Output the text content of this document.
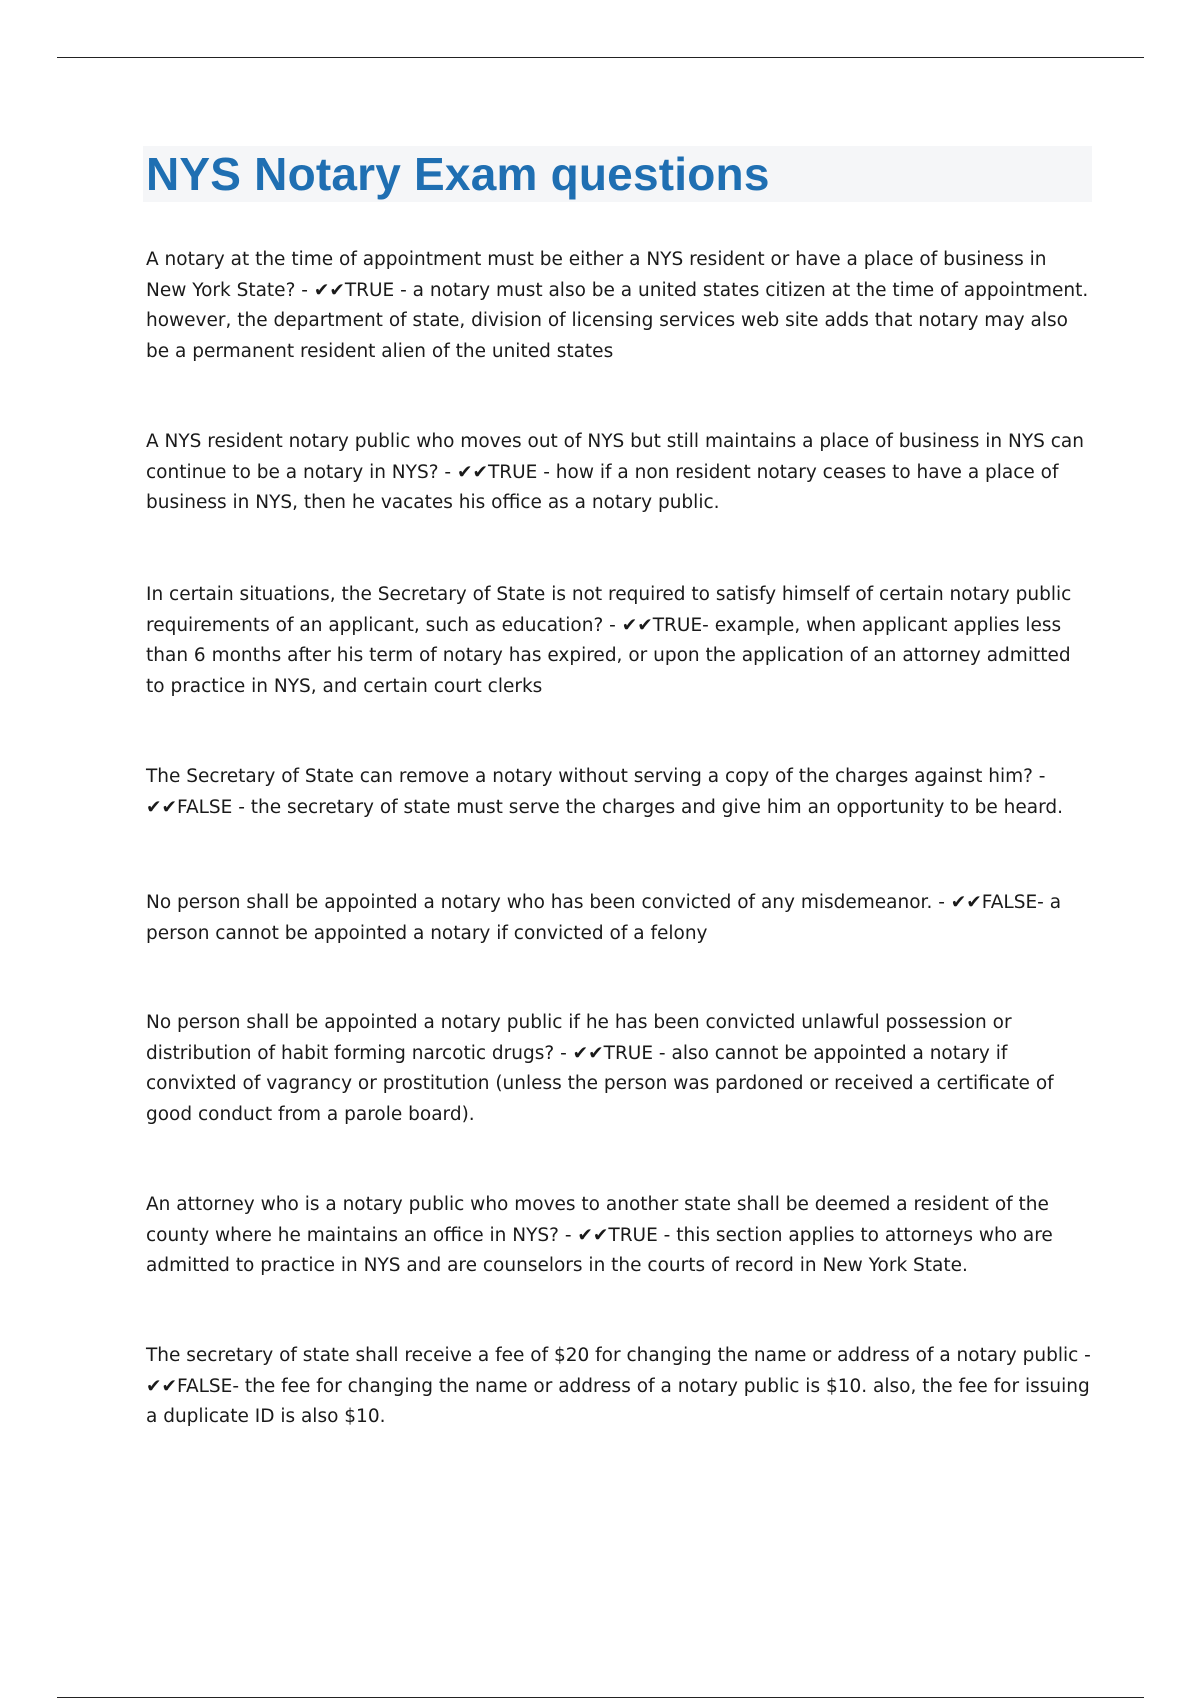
NYS Notary Exam questions

A notary at the time of appointment must be either a NYS resident or have a place of business in New York State? - ✔✔TRUE - a notary must also be a united states citizen at the time of appointment. however, the department of state, division of licensing services web site adds that notary may also be a permanent resident alien of the united states

A NYS resident notary public who moves out of NYS but still maintains a place of business in NYS can continue to be a notary in NYS? - ✔✔TRUE - how if a non resident notary ceases to have a place of business in NYS, then he vacates his office as a notary public.

In certain situations, the Secretary of State is not required to satisfy himself of certain notary public requirements of an applicant, such as education? - ✔✔TRUE- example, when applicant applies less than 6 months after his term of notary has expired, or upon the application of an attorney admitted to practice in NYS, and certain court clerks

The Secretary of State can remove a notary without serving a copy of the charges against him? - ✔✔FALSE - the secretary of state must serve the charges and give him an opportunity to be heard.

No person shall be appointed a notary who has been convicted of any misdemeanor. - ✔✔FALSE- a person cannot be appointed a notary if convicted of a felony

No person shall be appointed a notary public if he has been convicted unlawful possession or distribution of habit forming narcotic drugs? - ✔✔TRUE - also cannot be appointed a notary if convixted of vagrancy or prostitution (unless the person was pardoned or received a certificate of good conduct from a parole board).

An attorney who is a notary public who moves to another state shall be deemed a resident of the county where he maintains an office in NYS? - ✔✔TRUE - this section applies to attorneys who are admitted to practice in NYS and are counselors in the courts of record in New York State.

The secretary of state shall receive a fee of $20 for changing the name or address of a notary public - ✔✔FALSE- the fee for changing the name or address of a notary public is $10. also, the fee for issuing a duplicate ID is also $10.
